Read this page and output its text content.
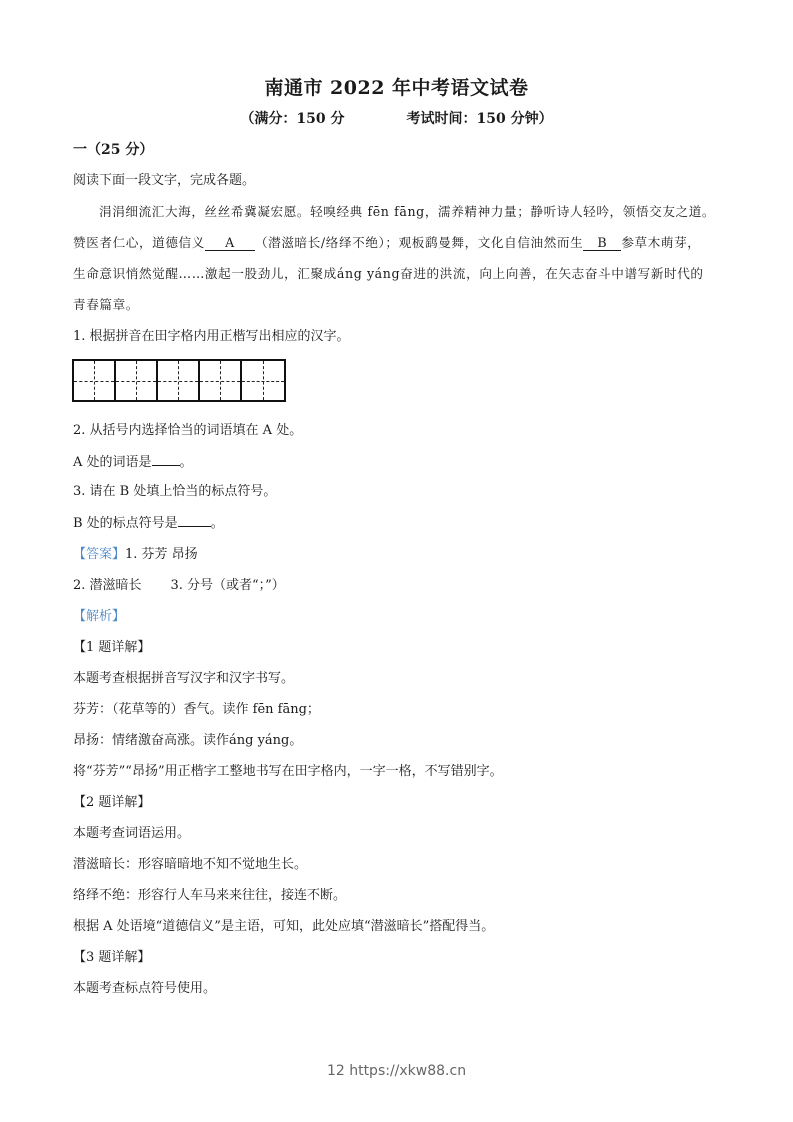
南通市 2022 年中考语文试卷
（满分：150 分	考试时间：150 分钟）
一（25 分）
阅读下面一段文字，完成各题。
涓涓细流汇大海，丝丝希冀凝宏愿。轻嗅经典 fēn fāng，濡养精神力量；静听诗人轻吟，领悟交友之道。
赞医者仁心，道德信义 A （潜滋暗长/络绎不绝）；观板鹞曼舞，文化自信油然而生 B 参草木萌芽，
生命意识悄然觉醒……激起一股劲儿，汇聚成áng yáng奋进的洪流，向上向善，在矢志奋斗中谱写新时代的
青春篇章。
1. 根据拼音在田字格内用正楷写出相应的汉字。
2. 从括号内选择恰当的词语填在 A 处。
A 处的词语是 。
3. 请在 B 处填上恰当的标点符号。
B 处的标点符号是	。
【答案】1. 芬芳 昂扬
2. 潜滋暗长       3. 分号（或者“；”）
【解析】
【1 题详解】
本题考查根据拼音写汉字和汉字书写。
芬芳：（花草等的）香气。读作 fēn fāng；
昂扬：情绪激奋高涨。读作áng yáng。
将“芬芳”“昂扬”用正楷字工整地书写在田字格内，一字一格，不写错别字。
【2 题详解】
本题考查词语运用。
潜滋暗长：形容暗暗地不知不觉地生长。
络绎不绝：形容行人车马来来往往，接连不断。
根据 A 处语境“道德信义”是主语，可知，此处应填“潜滋暗长”搭配得当。
【3 题详解】
本题考查标点符号使用。
12 https://xkw88.cn
